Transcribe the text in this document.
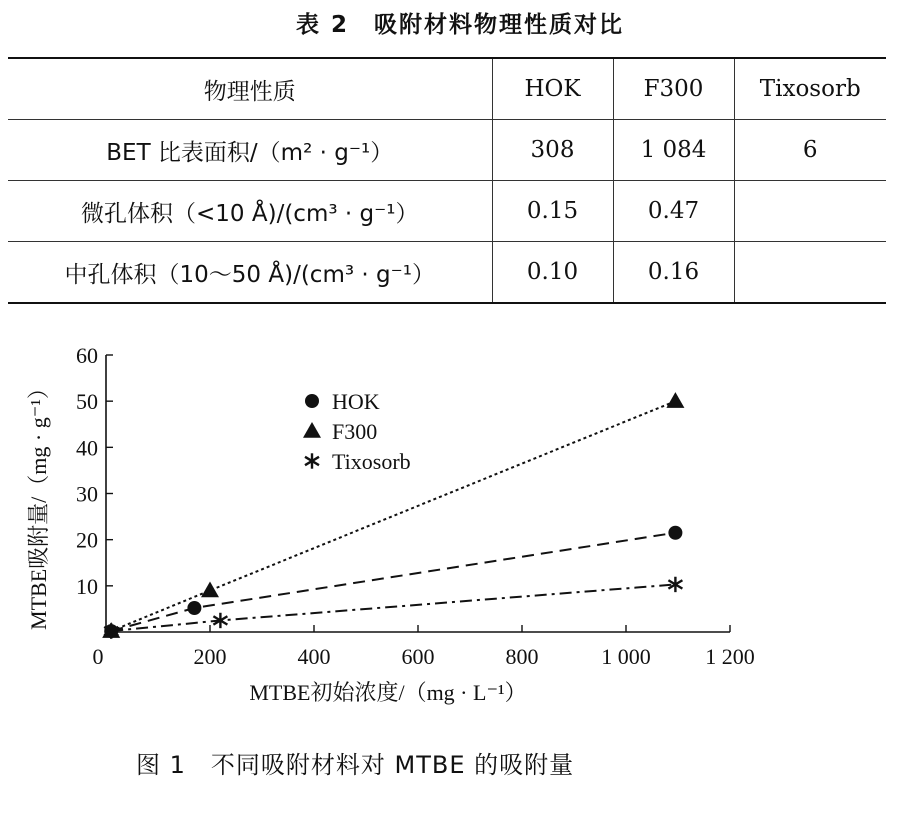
表 2　吸附材料物理性质对比
物理性质	HOK	F300	Tixosorb
BET 比表面积/（m² · g⁻¹）	308	1 084	6
微孔体积（<10 Å)/(cm³ · g⁻¹）	0.15	0.47	
中孔体积（10～50 Å)/(cm³ · g⁻¹）	0.10	0.16	
0	200	400	600	800	1 000 1 200
10
20
30
40
50
60
MTBE初始浓度/（mg · L⁻¹）
MTBE吸附量/（mg · g⁻¹）	HOK
F300
Tixosorb
图 1　不同吸附材料对 MTBE 的吸附量
